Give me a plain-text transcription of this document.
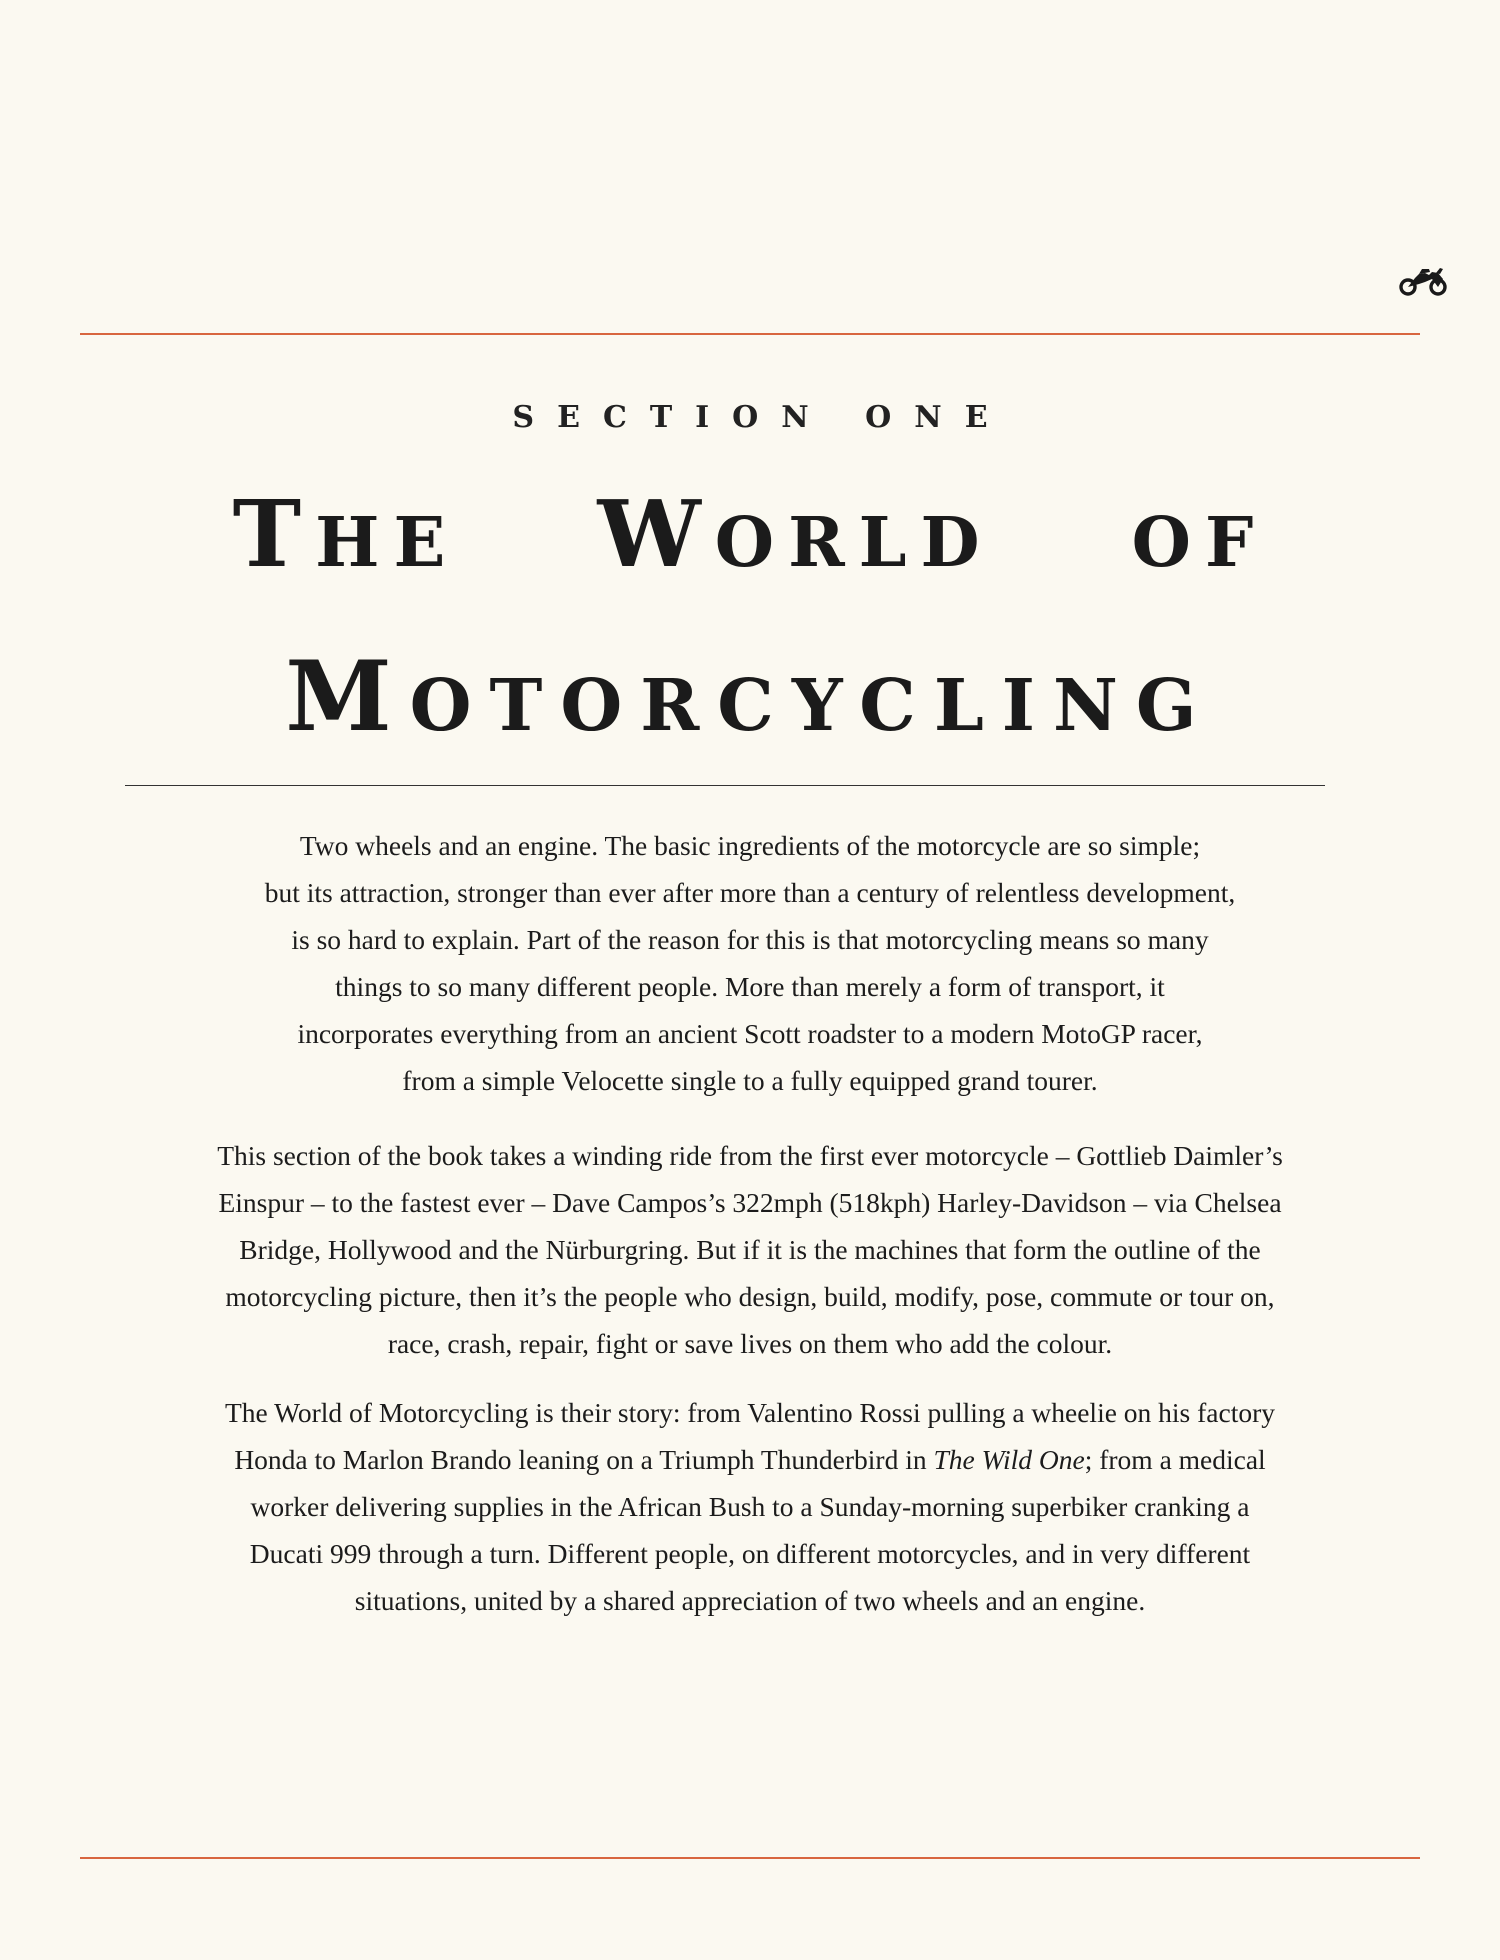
SECTION ONE
THE WORLD OF
MOTORCYCLING

Two wheels and an engine. The basic ingredients of the motorcycle are so simple;
but its attraction, stronger than ever after more than a century of relentless development,
is so hard to explain. Part of the reason for this is that motorcycling means so many
things to so many different people. More than merely a form of transport, it
incorporates everything from an ancient Scott roadster to a modern MotoGP racer,
from a simple Velocette single to a fully equipped grand tourer.

This section of the book takes a winding ride from the first ever motorcycle – Gottlieb Daimler’s
Einspur – to the fastest ever – Dave Campos’s 322mph (518kph) Harley-Davidson – via Chelsea
Bridge, Hollywood and the Nürburgring. But if it is the machines that form the outline of the
motorcycling picture, then it’s the people who design, build, modify, pose, commute or tour on,
race, crash, repair, fight or save lives on them who add the colour.

The World of Motorcycling is their story: from Valentino Rossi pulling a wheelie on his factory
Honda to Marlon Brando leaning on a Triumph Thunderbird in The Wild One; from a medical
worker delivering supplies in the African Bush to a Sunday-morning superbiker cranking a
Ducati 999 through a turn. Different people, on different motorcycles, and in very different
situations, united by a shared appreciation of two wheels and an engine.
